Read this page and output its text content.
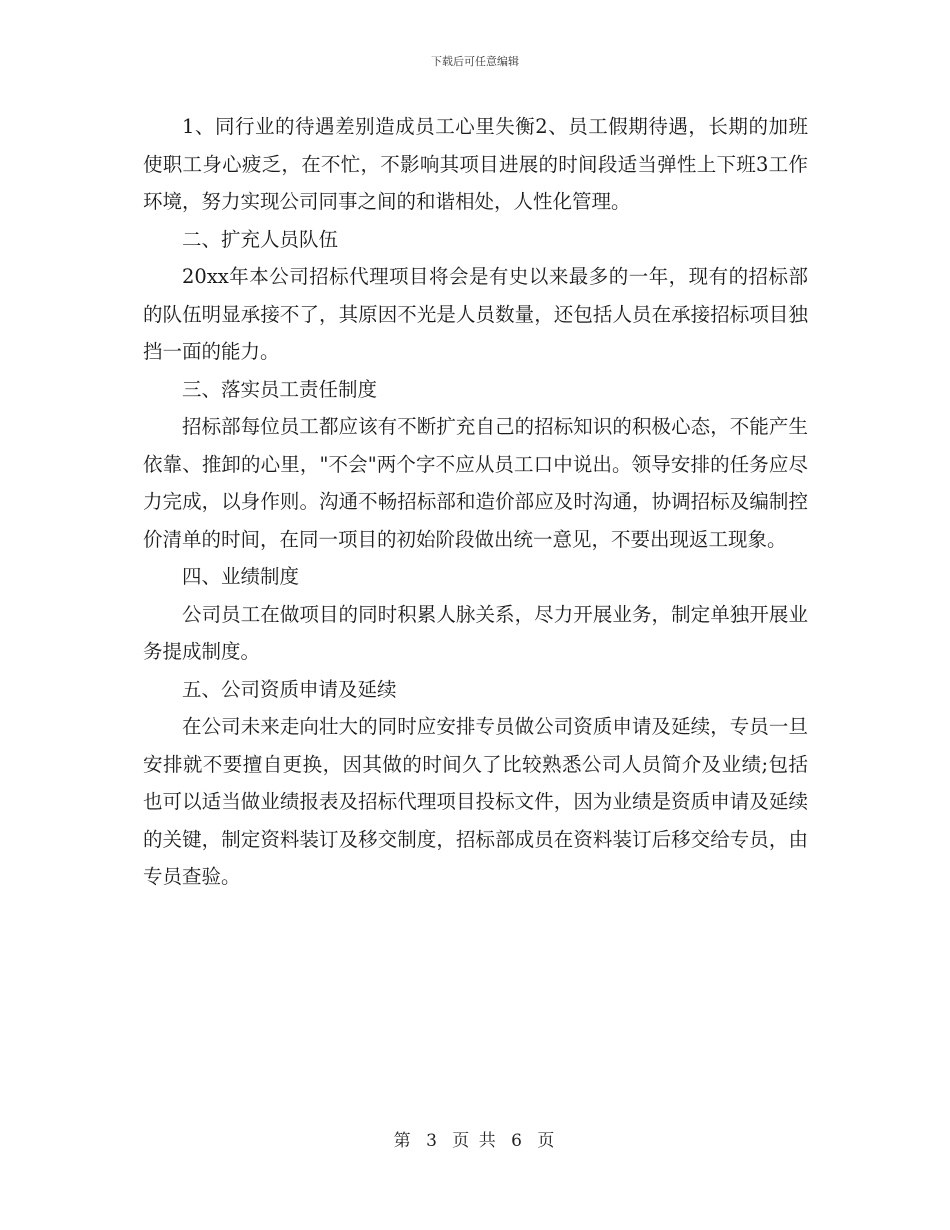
下载后可任意编辑

1、同行业的待遇差别造成员工心里失衡2、员工假期待遇，长期的加班使职工身心疲乏，在不忙，不影响其项目进展的时间段适当弹性上下班3工作环境，努力实现公司同事之间的和谐相处，人性化管理。

二、扩充人员队伍

20xx年本公司招标代理项目将会是有史以来最多的一年，现有的招标部的队伍明显承接不了，其原因不光是人员数量，还包括人员在承接招标项目独挡一面的能力。

三、落实员工责任制度

招标部每位员工都应该有不断扩充自己的招标知识的积极心态，不能产生依靠、推卸的心里，"不会"两个字不应从员工口中说出。领导安排的任务应尽力完成，以身作则。沟通不畅招标部和造价部应及时沟通，协调招标及编制控价清单的时间，在同一项目的初始阶段做出统一意见，不要出现返工现象。

四、业绩制度

公司员工在做项目的同时积累人脉关系，尽力开展业务，制定单独开展业务提成制度。

五、公司资质申请及延续

在公司未来走向壮大的同时应安排专员做公司资质申请及延续，专员一旦安排就不要擅自更换，因其做的时间久了比较熟悉公司人员简介及业绩;包括也可以适当做业绩报表及招标代理项目投标文件，因为业绩是资质申请及延续的关键，制定资料装订及移交制度，招标部成员在资料装订后移交给专员，由专员查验。

第 3 页 共 6 页
